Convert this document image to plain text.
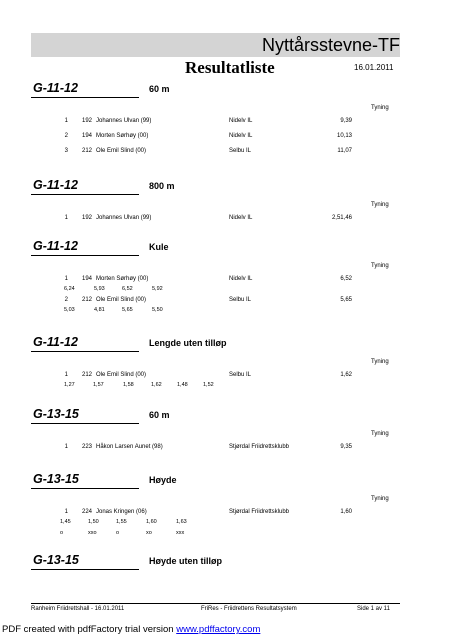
Nyttårsstevne-TF
Resultatliste	16.01.2011
G-11-12	60 m
Tyning
1	192 Johannes Ulvan (99)	Nidelv IL	9,39
2	194 Morten Sørhøy (00)	Nidelv IL	10,13
3	212 Ole Emil Slind (00)	Selbu IL	11,07
G-11-12	800 m
Tyning
1	192 Johannes Ulvan (99)	Nidelv IL	2,51,46
G-11-12	Kule
Tyning
1	194 Morten Sørhøy (00)	Nidelv IL	6,52
6,24	5,93	6,52	5,92
2	212 Ole Emil Slind (00)	Selbu IL	5,65
5,03	4,81	5,65	5,50
G-11-12	Lengde uten tilløp
Tyning
1	212 Ole Emil Slind (00)	Selbu IL	1,62
1,27	1,57	1,58	1,62	1,48	1,52
G-13-15	60 m
Tyning
1	223 Håkon Larsen Aunet (98)	Stjørdal Friidrettsklubb	9,35
G-13-15	Høyde
Tyning
1	224 Jonas Kringen (06)	Stjørdal Friidrettsklubb	1,60
1,45	1,50	1,55	1,60	1,63
o	xxo	o	xo	xxx
G-13-15	Høyde uten tilløp
Ranheim Friidrettshall - 16.01.2011	FriRes - Friidrettens Resultatsystem	Side 1 av 11
PDF created with pdfFactory trial version www.pdffactory.com
